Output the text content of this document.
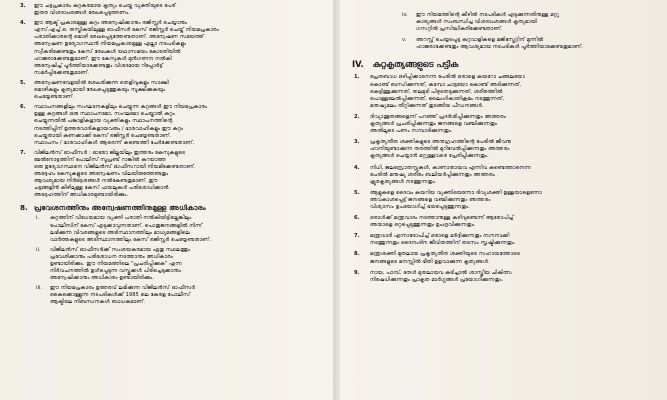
3. ഈ ചട്ടപ്രകാരം കുറ്റകരമായ കൃത്യം ചെയ്ത വ്യക്തിയുടെ പേര്
ഇതര വിശദാംശങ്ങൾ രേഖപ്പെടുത്തണം.
4. ഈ ആക്ട് പ്രകാരമുള്ള കുറ്റം അന്വേഷിക്കാനും രജിസ്റ്റർ ചെയ്യാനും
എസ്.എച്ച്.ഒ. തസ്തികയിലുള്ള ഓഫീസർ കേസ് രജിസ്റ്റർ ചെയ്ത് നിയമപ്രകാരം
പരാതിക്കാരന്റെ മൊഴി രേഖപ്പെടുത്തേണ്ടതാണ്. അന്വേഷണ സമയത്ത്
അന്വേഷണ ഉദ്യോഗസ്ഥൻ നിയമപ്രകാരമുള്ള എല്ലാ നടപടികളും
സ്വീകരിക്കേണ്ടതും കേസ് രേഖകൾ യഥാസമയം കോടതിയിൽ
ഹാജരാക്കേണ്ടതുമാണ്. ഈ കേസുകൾ മുൻഗണന നൽകി
അന്വേഷിച്ച് പൂർത്തിയാക്കേണ്ടതും വിശദമായ റിപ്പോർട്ട്
സമർപ്പിക്കേണ്ടതുമാണ്.
5. അന്വേഷണവേളയിൽ ശേഖരിക്കുന്ന തെളിവുകളും സാക്ഷി
മൊഴികളും കൃത്യമായി രേഖപ്പെടുത്തുകയും സൂക്ഷിക്കുകയും
ചെയ്യേണ്ടതാണ്.
6. സ്ഥാപനങ്ങളിലും സംഘടനകളിലും ചെയ്യുന്ന കുറ്റങ്ങൾ ഈ നിയമപ്രകാരം
ഉള്ള കുറ്റങ്ങൾ ഒരു സ്ഥാപനമോ, സംഘമോ ചെയ്താൽ കുറ്റം
ചെയ്യുന്നതിൽ പങ്കാളികളായ വ്യക്തികളും സ്ഥാപനത്തിന്റെ
നടത്തിപ്പിന് ഉത്തരവാദികളായവരും / ഭാരവാഹികളും ഈ കുറ്റം
ചെയ്തതായി കണക്കാക്കി കേസ് രജിസ്റ്റർ ചെയ്യേണ്ടതാണ്.
സ്ഥാപനം / ഭാരവാഹികൾ ആരെന്ന് കണ്ടെത്തി ചേർക്കേണ്ടതാണ്.
7. വിജിലൻസ് ഓഫീസർ : ഓരോ ജില്ലയിലും ഇത്തരം കേസുകളുടെ
മേൽനോട്ടത്തിന് പോലീസ് സൂപ്രണ്ട് റാങ്കിൽ കുറയാത്ത
ഒരു ഉദ്യോഗസ്ഥനെ വിജിലൻസ് ഓഫീസറായി നിയമിക്കേണ്ടതാണ്.
അദ്ദേഹം കേസുകളുടെ അന്വേഷണം വിലയിരുത്തേണ്ടതും
ആവശ്യമായ നിർദ്ദേശങ്ങൾ നൽകേണ്ടതുമാണ്. ഈ
ചട്ടങ്ങളിൻ കീഴിലുള്ള കേസ് ഫയലുകൾ പരിശോധിക്കാൻ
അദ്ദേഹത്തിന് അധികാരമുണ്ടായിരിക്കും.
8. പ്രവേശനത്തിനും അന്വേഷണത്തിനുമുള്ള അധികാരം
i. കുറ്റത്തിന് വിധേയമായ വ്യക്തി പരാതി നൽകിയിട്ടില്ലെങ്കിലും
പോലീസിന് കേസ് എടുക്കാവുന്നതാണ്. പൊതുജനങ്ങളിൽ നിന്ന്
ലഭിക്കുന്ന വിവരങ്ങളുടെ അടിസ്ഥാനത്തിലും മാധ്യമങ്ങളിലെ
വാർത്തകളുടെ അടിസ്ഥാനത്തിലും കേസ് രജിസ്റ്റർ ചെയ്യേണ്ടതാണ്.
ii. വിജിലൻസ് ഓഫീസർക്ക് സംശയകരമായ ഏതു സ്ഥലത്തും
പ്രവേശിക്കാനും പരിശോധന നടത്താനും അധികാരം
ഉണ്ടായിരിക്കും. ഈ നിയമത്തിലെ "പ്രചരിപ്പിക്കുക" എന്ന
നിർവചനത്തിൽ ഉൾപ്പെടുന്ന വസ്തുക്കൾ പിടിച്ചെടുക്കാനും
അന്വേഷിക്കാനും അധികാരം ഉണ്ടായിരിക്കും.
iii. ഈ നിയമപ്രകാരം ഉത്തരവ് ലഭിക്കുന്ന വിജിലൻസ് ഓഫീസർ
കൈക്കൊള്ളുന്ന നടപടികൾക്ക് 1985 ലെ കേരള പോലീസ്
ആക്ടിലെ നിബന്ധനകൾ ബാധകമാണ്.
iv. ഈ നിയമത്തിന്റെ കീഴിൽ നടപടികൾ എടുക്കുന്നതിനുള്ള മറ്റു
കാര്യങ്ങൾ സംബന്ധിച്ച വിശദാംശങ്ങൾ കൃത്യമായി
ഗസറ്റിൽ പ്രസിദ്ധീകരിക്കേണ്ടതാണ്.
v. അറസ്റ്റ് ചെയ്യപ്പെട്ട കുറ്റവാളികളെ മജിസ്ട്രേറ്റിന് മുന്നിൽ
ഹാജരാക്കേണ്ടതും ആവശ്യമായ നടപടികൾ പൂർത്തിയാക്കേണ്ടതുമാണ്.
IV. കുറ്റകൃത്യങ്ങളുടെ പട്ടിക
1. പ്രേതബാധ ഒഴിപ്പിക്കാനെന്ന പേരിൽ ഒരാളെ കയറോ ചങ്ങലയോ
കൊണ്ട് ബന്ധിക്കുന്നത്, കമ്പോ ചാട്ടയോ കൊണ്ട് അടിക്കുന്നത്,
കെട്ടിത്തൂക്കുന്നത്, തലമുടി പിഴുതെടുക്കുന്നത്, ശരീരത്തിൽ
പൊള്ളലേൽപ്പിക്കുന്നത്, ലൈംഗികാതിക്രമം നടത്തുന്നത്,
മനുഷ്യമലം തീറ്റിക്കുന്നത് തുടങ്ങിയ പീഡനങ്ങൾ.
2. ദിവ്യാത്ഭുതങ്ങളെന്ന് പറഞ്ഞ് പ്രദർശിപ്പിക്കുന്നതും അത്തരം
കൃത്യങ്ങൾ പ്രചരിപ്പിക്കുന്നതും ജനങ്ങളെ വഞ്ചിക്കുന്നതും
അതിലൂടെ പണം സമ്പാദിക്കുന്നതും.
3. പ്രകൃത്യതീത ശക്തികളുടെ അനുഗ്രഹത്തിന്റെ പേരിൽ ജീവനു
ഹാനിയുണ്ടാക്കുന്ന തരത്തിൽ മുറിവേൽപ്പിക്കുന്നതും അത്തരം
കൃത്യങ്ങൾ ചെയ്യാൻ മറ്റുള്ളവരെ പ്രേരിപ്പിക്കുന്നതും.
4. നിധി, ജലസ്രോതസ്സുകൾ, കാണാതായവ എന്നിവ കണ്ടെത്താനെന്ന
പേരിൽ മനുഷ്യ ശരീരം ബലിയർപ്പിക്കുന്നതും അത്തരം
ക്രൂരകൃത്യങ്ങൾ നടത്തുന്നതും.
5. ആളുകളെ ദൈവം കയറിയ വ്യക്തിയെന്നോ ദിവ്യശക്തി ഉള്ളയാളെന്നോ
അവകാശപ്പെട്ട് ജനങ്ങളെ വഞ്ചിക്കുന്നതും അത്തരം
വിശ്വാസം ഉപയോഗിച്ച് ഭയപ്പെടുത്തുന്നതും.
6. ഒരാൾക്ക് മന്ത്രവാദം നടത്താനുള്ള കഴിവുണ്ടെന്ന് ആരോപിച്ച്
അയാളെ ഒറ്റപ്പെടുത്തുന്നതും ഉപദ്രവിക്കുന്നതും.
7. മന്ത്രവാദി എന്നാരോപിച്ച് ഒരാളെ മർദ്ദിക്കുന്നതും നഗ്നനാക്കി
നടത്തുന്നതും ദൈനംദിന ജീവിതത്തിന് തടസം സൃഷ്ടിക്കുന്നതും.
8. മന്ത്രശക്തി മുതലായ പ്രകൃത്യതീത ശക്തിയുടെ സഹായത്തോടെ
ജനങ്ങളുടെ മനസ്സിൽ ഭീതി ഉളവാക്കുന്ന കൃത്യങ്ങൾ.
9. നായ, പാമ്പ്, തേൾ മുതലായവ കടിച്ചാൽ ശാസ്ത്രീയ ചികിത്സ
നിഷേധിക്കുന്നതും പ്രാകൃത മാർഗ്ഗങ്ങൾ പ്രയോഗിക്കുന്നതും.
